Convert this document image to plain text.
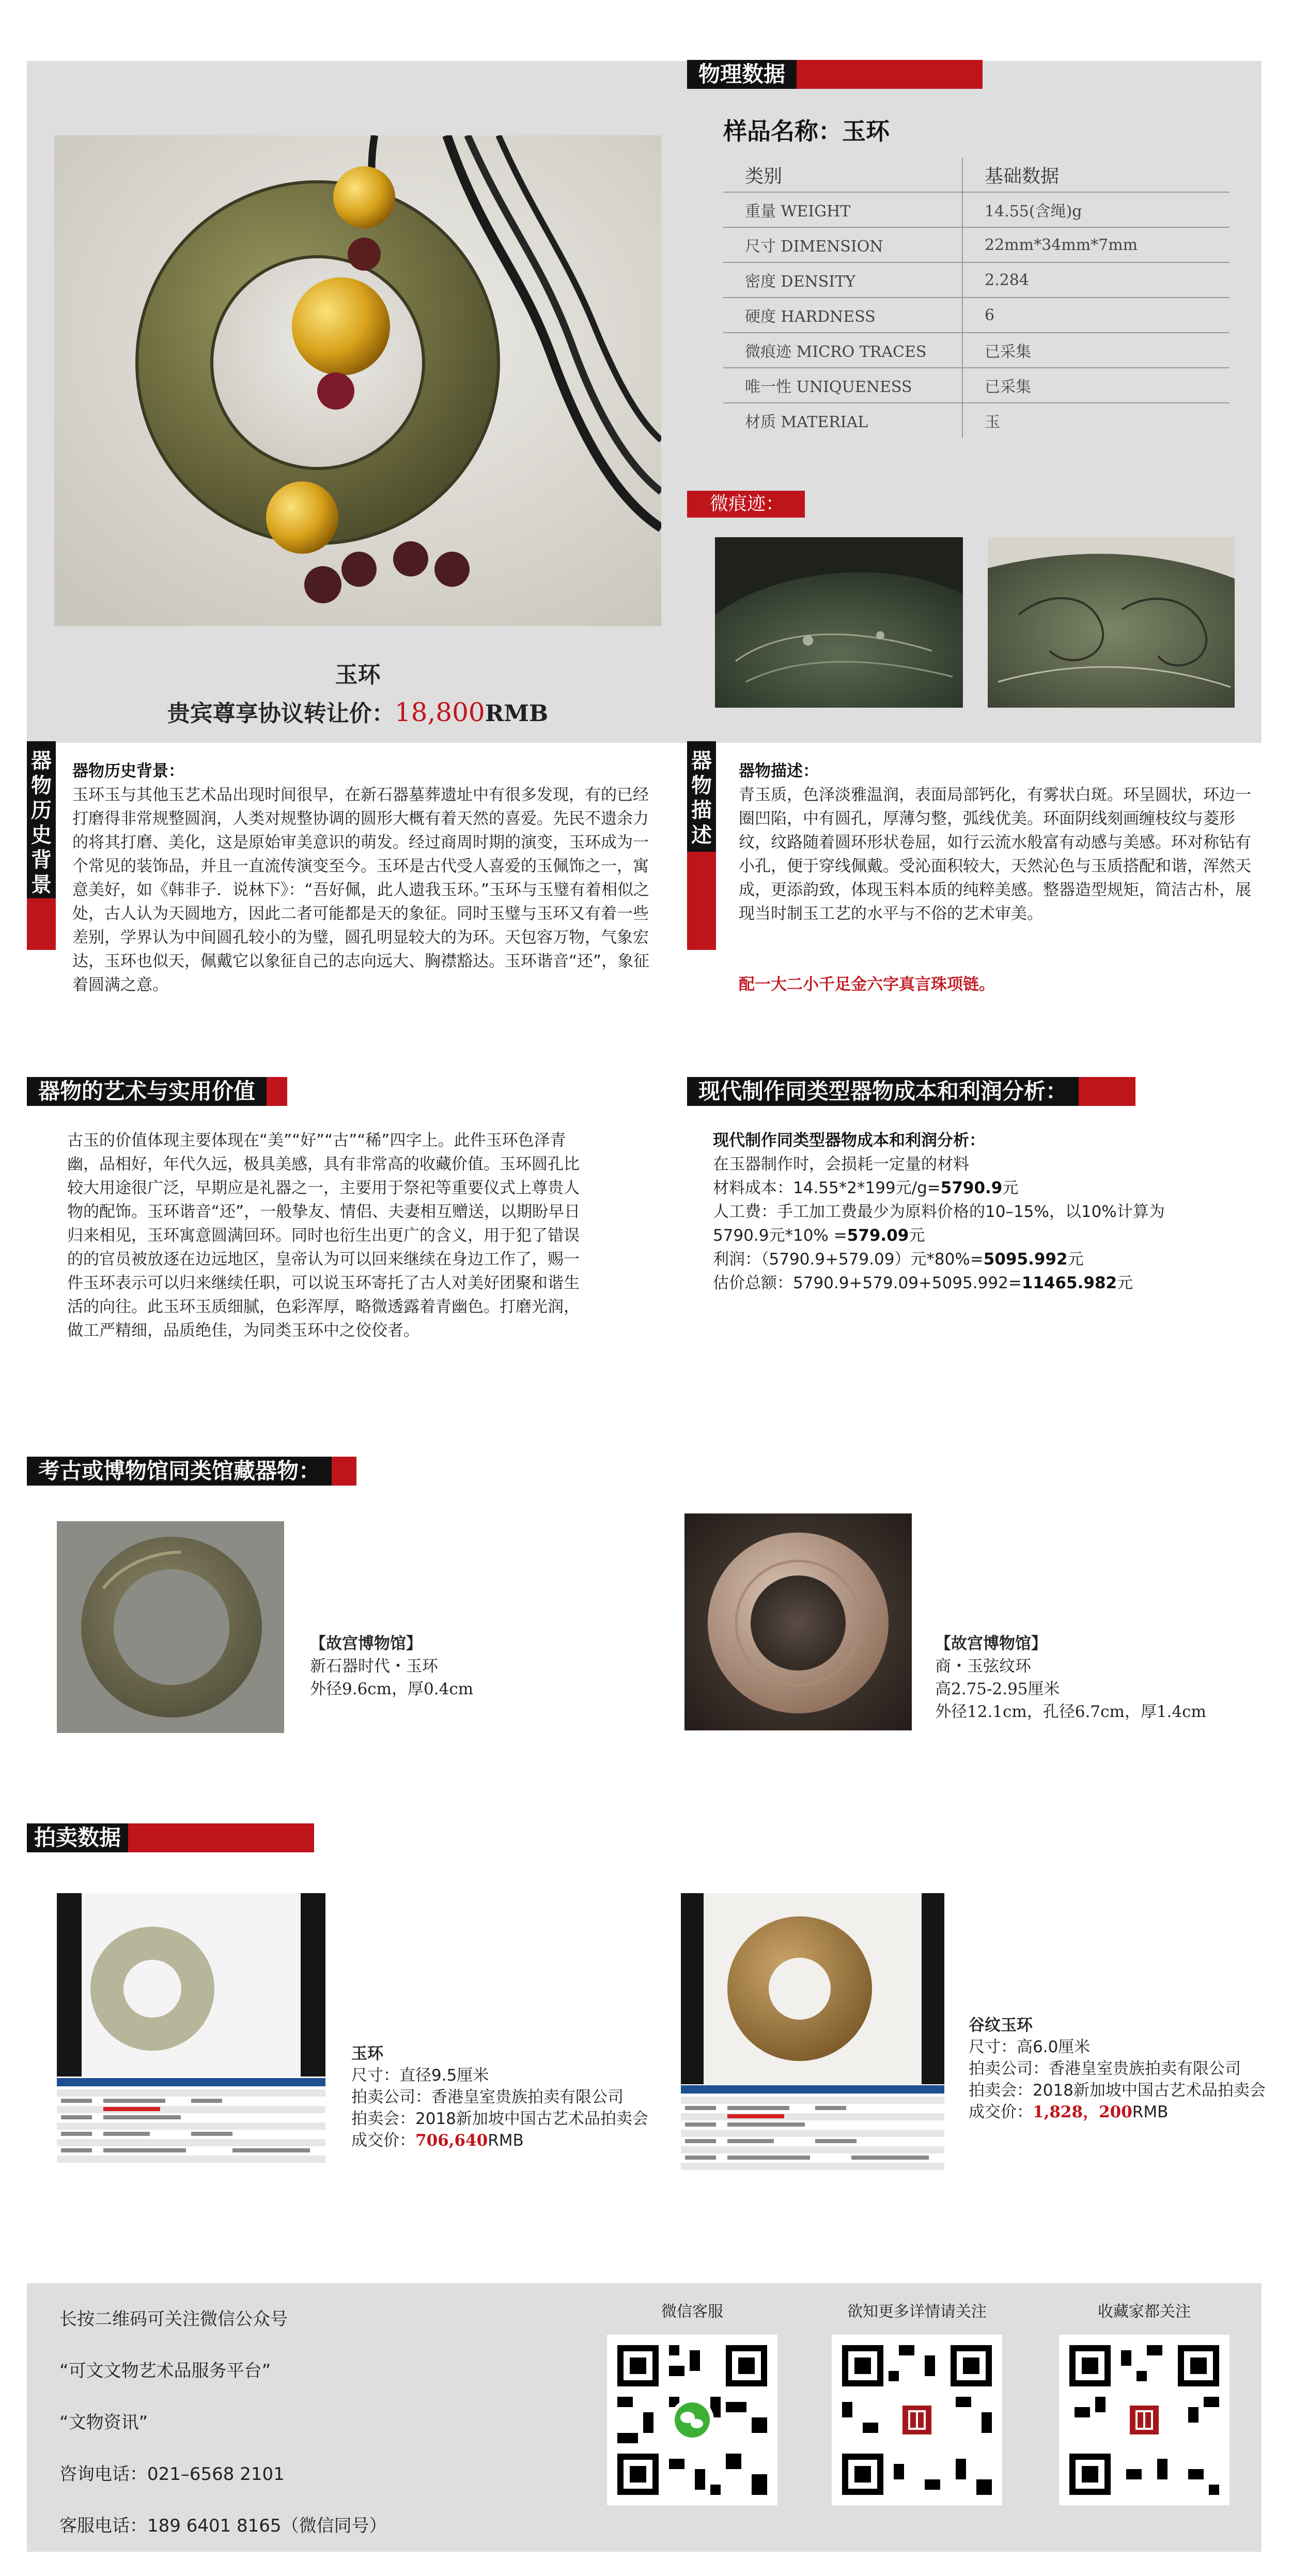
玉环
贵宾尊享协议转让价：18,800RMB
物理数据
样品名称：玉环
类别	基础数据
重量 WEIGHT	14.55(含绳)g
尺寸 DIMENSION	22mm*34mm*7mm
密度 DENSITY	2.284
硬度 HARDNESS	6
微痕迹 MICRO TRACES	已采集
唯一性 UNIQUENESS	已采集
材质 MATERIAL	玉
微痕迹：
器物历史背景
器物历史背景：
玉环玉与其他玉艺术品出现时间很早，在新石器墓葬遗址中有很多发现，有的已经打磨得非常规整圆润，人类对规整协调的圆形大概有着天然的喜爱。先民不遗余力的将其打磨、美化，这是原始审美意识的萌发。经过商周时期的演变，玉环成为一个常见的装饰品，并且一直流传演变至今。玉环是古代受人喜爱的玉佩饰之一，寓意美好，如《韩非子．说林下》：“吾好佩，此人遗我玉环。”玉环与玉璧有着相似之处，古人认为天圆地方，因此二者可能都是天的象征。同时玉璧与玉环又有着一些差别，学界认为中间圆孔较小的为璧，圆孔明显较大的为环。天包容万物，气象宏达，玉环也似天，佩戴它以象征自己的志向远大、胸襟豁达。玉环谐音“还”，象征着圆满之意。
器物描述
器物描述：
青玉质，色泽淡雅温润，表面局部钙化，有雾状白斑。环呈圆状，环边一圈凹陷，中有圆孔，厚薄匀整，弧线优美。环面阴线刻画缠枝纹与菱形纹，纹路随着圆环形状卷屈，如行云流水般富有动感与美感。环对称钻有小孔，便于穿线佩戴。受沁面积较大，天然沁色与玉质搭配和谐，浑然天成，更添韵致，体现玉料本质的纯粹美感。整器造型规矩，简洁古朴，展现当时制玉工艺的水平与不俗的艺术审美。
配一大二小千足金六字真言珠项链。
器物的艺术与实用价值
古玉的价值体现主要体现在“美”“好”“古”“稀”四字上。此件玉环色泽青幽，品相好，年代久远，极具美感，具有非常高的收藏价值。玉环圆孔比较大用途很广泛，早期应是礼器之一，主要用于祭祀等重要仪式上尊贵人物的配饰。玉环谐音“还”，一般挚友、情侣、夫妻相互赠送，以期盼早日归来相见，玉环寓意圆满回环。同时也衍生出更广的含义，用于犯了错误的的官员被放逐在边远地区，皇帝认为可以回来继续在身边工作了，赐一件玉环表示可以归来继续任职，可以说玉环寄托了古人对美好团聚和谐生活的向往。此玉环玉质细腻，色彩浑厚，略微透露着青幽色。打磨光润，做工严精细，品质绝佳，为同类玉环中之佼佼者。
现代制作同类型器物成本和利润分析：
现代制作同类型器物成本和利润分析：
在玉器制作时，会损耗一定量的材料
材料成本：14.55*2*199元/g=5790.9元
人工费：手工加工费最少为原料价格的10–15%，以10%计算为
5790.9元*10% =579.09元
利润：（5790.9+579.09）元*80%=5095.992元
估价总额：5790.9+579.09+5095.992=11465.982元
考古或博物馆同类馆藏器物：
【故宫博物馆】
新石器时代・玉环
外径9.6cm，厚0.4cm
【故宫博物馆】
商・玉弦纹环
高2.75-2.95厘米
外径12.1cm，孔径6.7cm，厚1.4cm
拍卖数据
玉环
尺寸：直径9.5厘米
拍卖公司：香港皇室贵族拍卖有限公司
拍卖会：2018新加坡中国古艺术品拍卖会
成交价：706,640RMB
谷纹玉环
尺寸：高6.0厘米
拍卖公司：香港皇室贵族拍卖有限公司
拍卖会：2018新加坡中国古艺术品拍卖会
成交价：1,828，200RMB
长按二维码可关注微信公众号
“可文文物艺术品服务平台”
“文物资讯”
咨询电话：021–6568 2101
客服电话：189 6401 8165（微信同号）
微信客服	欲知更多详情请关注	收藏家都关注
